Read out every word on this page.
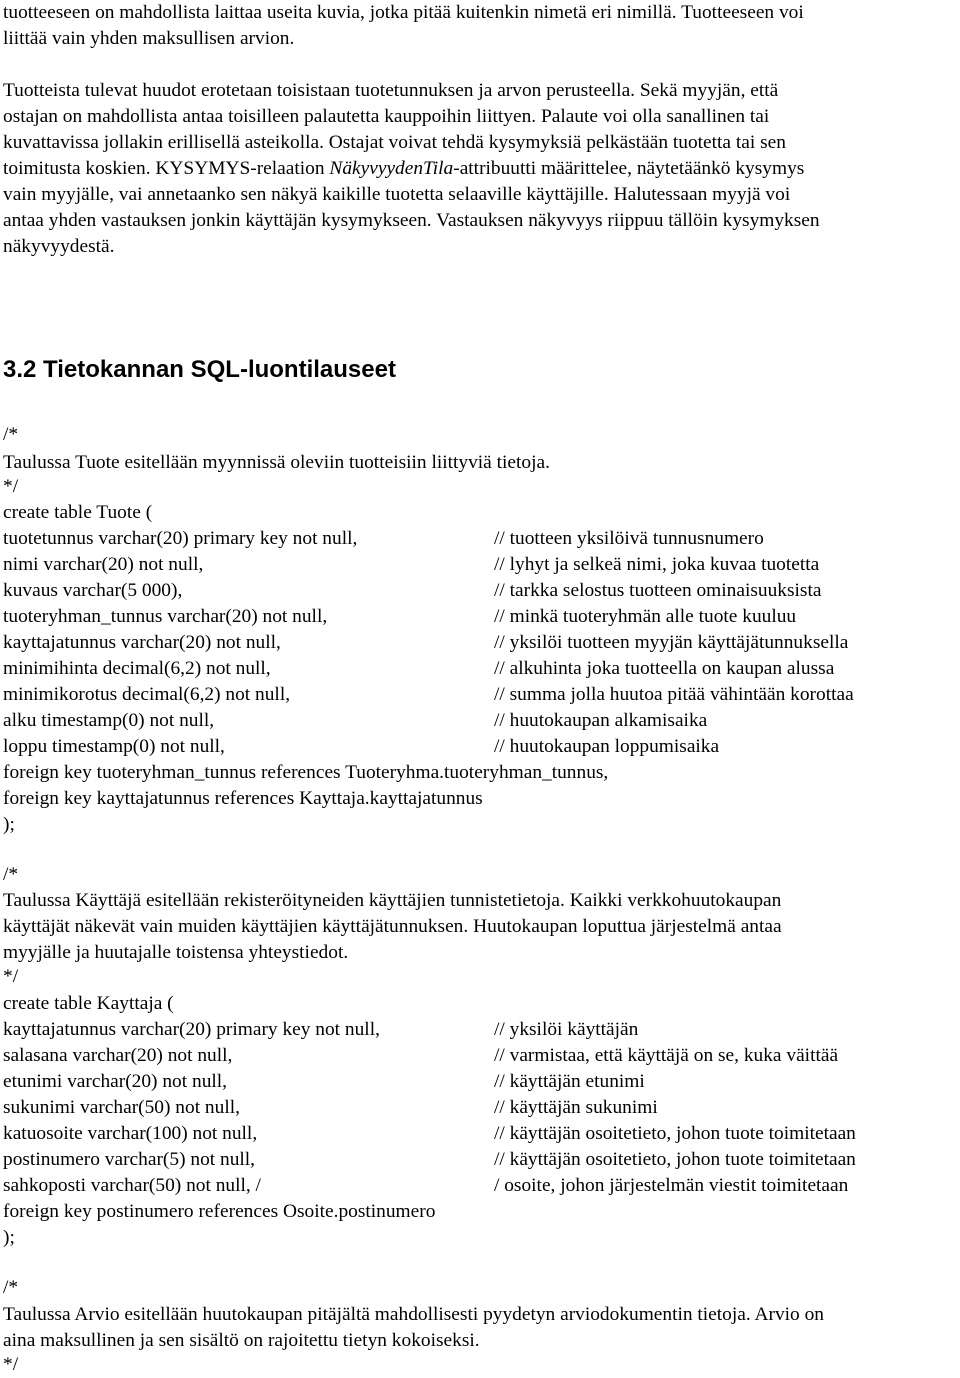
tuotteeseen on mahdollista laittaa useita kuvia, jotka pitää kuitenkin nimetä eri nimillä. Tuotteeseen voi
liittää vain yhden maksullisen arvion.
Tuotteista tulevat huudot erotetaan toisistaan tuotetunnuksen ja arvon perusteella. Sekä myyjän, että
ostajan on mahdollista antaa toisilleen palautetta kauppoihin liittyen. Palaute voi olla sanallinen tai
kuvattavissa jollakin erillisellä asteikolla. Ostajat voivat tehdä kysymyksiä pelkästään tuotetta tai sen
toimitusta koskien. KYSYMYS-relaation NäkyvyydenTila-attribuutti määrittelee, näytetäänkö kysymys
vain myyjälle, vai annetaanko sen näkyä kaikille tuotetta selaaville käyttäjille. Halutessaan myyjä voi
antaa yhden vastauksen jonkin käyttäjän kysymykseen. Vastauksen näkyvyys riippuu tällöin kysymyksen
näkyvyydestä.
3.2 Tietokannan SQL-luontilauseet
/*
Taulussa Tuote esitellään myynnissä oleviin tuotteisiin liittyviä tietoja.
*/
create table Tuote (
tuotetunnus varchar(20) primary key not null,	// tuotteen yksilöivä tunnusnumero
nimi varchar(20) not null,	// lyhyt ja selkeä nimi, joka kuvaa tuotetta
kuvaus varchar(5 000),	// tarkka selostus tuotteen ominaisuuksista
tuoteryhman_tunnus varchar(20) not null,	// minkä tuoteryhmän alle tuote kuuluu
kayttajatunnus varchar(20) not null,	// yksilöi tuotteen myyjän käyttäjätunnuksella
minimihinta decimal(6,2) not null,	// alkuhinta joka tuotteella on kaupan alussa
minimikorotus decimal(6,2) not null,	// summa jolla huutoa pitää vähintään korottaa
alku timestamp(0) not null,	// huutokaupan alkamisaika
loppu timestamp(0) not null,	// huutokaupan loppumisaika
foreign key tuoteryhman_tunnus references Tuoteryhma.tuoteryhman_tunnus,
foreign key kayttajatunnus references Kayttaja.kayttajatunnus
);
/*
Taulussa Käyttäjä esitellään rekisteröityneiden käyttäjien tunnistetietoja. Kaikki verkkohuutokaupan
käyttäjät näkevät vain muiden käyttäjien käyttäjätunnuksen. Huutokaupan loputtua järjestelmä antaa
myyjälle ja huutajalle toistensa yhteystiedot.
*/
create table Kayttaja (
kayttajatunnus varchar(20) primary key not null,	// yksilöi käyttäjän
salasana varchar(20) not null,	// varmistaa, että käyttäjä on se, kuka väittää
etunimi varchar(20) not null,	// käyttäjän etunimi
sukunimi varchar(50) not null,	// käyttäjän sukunimi
katuosoite varchar(100) not null,	// käyttäjän osoitetieto, johon tuote toimitetaan
postinumero varchar(5) not null,	// käyttäjän osoitetieto, johon tuote toimitetaan
sahkoposti varchar(50) not null, /	/ osoite, johon järjestelmän viestit toimitetaan
foreign key postinumero references Osoite.postinumero
);
/*
Taulussa Arvio esitellään huutokaupan pitäjältä mahdollisesti pyydetyn arviodokumentin tietoja. Arvio on
aina maksullinen ja sen sisältö on rajoitettu tietyn kokoiseksi.
*/
